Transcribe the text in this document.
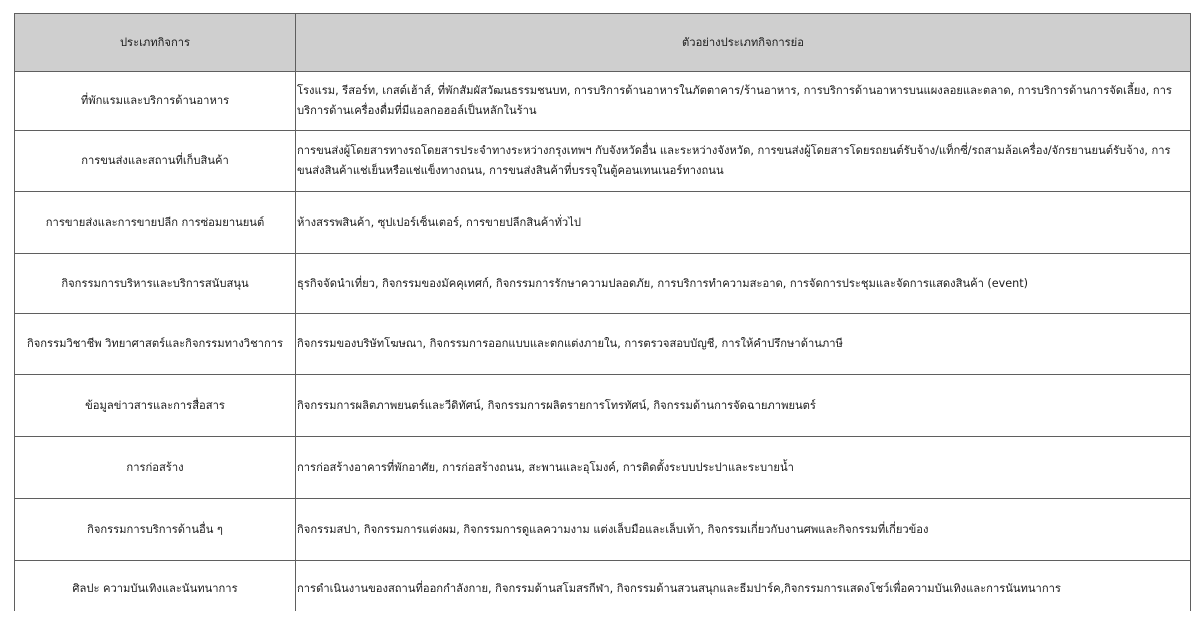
ประเภทกิจการ	ตัวอย่างประเภทกิจการย่อ
ที่พักแรมและบริการด้านอาหาร	โรงแรม, รีสอร์ท, เกสต์เฮ้าส์, ที่พักสัมผัสวัฒนธรรมชนบท, การบริการด้านอาหารในภัตตาคาร/ร้านอาหาร, การบริการด้านอาหารบนแผงลอยและตลาด, การบริการด้านการจัดเลี้ยง, การบริการด้านเครื่องดื่มที่มีแอลกอฮอล์เป็นหลักในร้าน
การขนส่งและสถานที่เก็บสินค้า	การขนส่งผู้โดยสารทางรถโดยสารประจำทางระหว่างกรุงเทพฯ กับจังหวัดอื่น และระหว่างจังหวัด, การขนส่งผู้โดยสารโดยรถยนต์รับจ้าง/แท็กซี่/รถสามล้อเครื่อง/จักรยานยนต์รับจ้าง, การขนส่งสินค้าแช่เย็นหรือแช่แข็งทางถนน, การขนส่งสินค้าที่บรรจุในตู้คอนเทนเนอร์ทางถนน
การขายส่งและการขายปลีก การซ่อมยานยนต์	ห้างสรรพสินค้า, ซุปเปอร์เซ็นเตอร์, การขายปลีกสินค้าทั่วไป
กิจกรรมการบริหารและบริการสนับสนุน	ธุรกิจจัดนำเที่ยว, กิจกรรมของมัคคุเทศก์, กิจกรรมการรักษาความปลอดภัย, การบริการทำความสะอาด, การจัดการประชุมและจัดการแสดงสินค้า (event)
กิจกรรมวิชาชีพ วิทยาศาสตร์และกิจกรรมทางวิชาการ	กิจกรรมของบริษัทโฆษณา, กิจกรรมการออกแบบและตกแต่งภายใน, การตรวจสอบบัญชี, การให้คำปรึกษาด้านภาษี
ข้อมูลข่าวสารและการสื่อสาร	กิจกรรมการผลิตภาพยนตร์และวีดิทัศน์, กิจกรรมการผลิตรายการโทรทัศน์, กิจกรรมด้านการจัดฉายภาพยนตร์
การก่อสร้าง	การก่อสร้างอาคารที่พักอาศัย, การก่อสร้างถนน, สะพานและอุโมงค์, การติดตั้งระบบประปาและระบายน้ำ
กิจกรรมการบริการด้านอื่น ๆ	กิจกรรมสปา, กิจกรรมการแต่งผม, กิจกรรมการดูแลความงาม แต่งเล็บมือและเล็บเท้า, กิจกรรมเกี่ยวกับงานศพและกิจกรรมที่เกี่ยวข้อง

ศิลปะ ความบันเทิงและนันทนาการ	การดำเนินงานของสถานที่ออกกำลังกาย, กิจกรรมด้านสโมสรกีฬา, กิจกรรมด้านสวนสนุกและธีมปาร์ค,กิจกรรมการแสดงโชว์เพื่อความบันเทิงและการนันทนาการ
